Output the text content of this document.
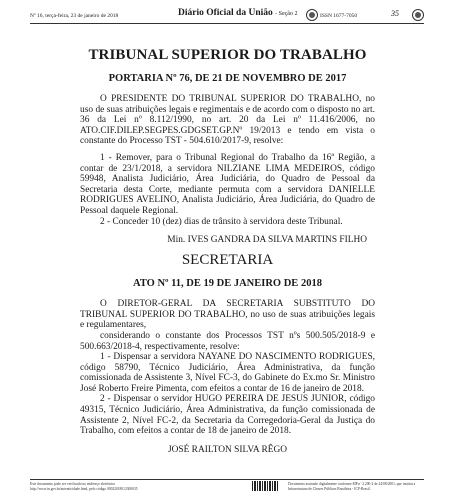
Nº 16, terça-feira, 23 de janeiro de 2018	Diário Oficial da União - Seção 2	ISSN 1677-7050	35
TRIBUNAL SUPERIOR DO TRABALHO
PORTARIA Nº 76, DE 21 DE NOVEMBRO DE 2017

O PRESIDENTE DO TRIBUNAL SUPERIOR DO TRABALHO, no uso de suas atribuições legais e regimentais e de acordo com o disposto no art. 36 da Lei nº 8.112/1990, no art. 20 da Lei nº 11.416/2006, no ATO.CIF.DILEP.SEGPES.GDGSET.GP.Nº 19/2013 e tendo em vista o constante do Processo TST - 504.610/2017-9, resolve:

1 - Remover, para o Tribunal Regional do Trabalho da 16ª Região, a contar de 23/1/2018, a servidora NILZIANE LIMA MEDEIROS, código 59948, Analista Judiciário, Área Judiciária, do Quadro de Pessoal da Secretaria desta Corte, mediante permuta com a servidora DANIELLE RODRIGUES AVELINO, Analista Judiciário, Área Judiciária, do Quadro de Pessoal daquele Regional.

2 - Conceder 10 (dez) dias de trânsito à servidora deste Tribunal.

Min. IVES GANDRA DA SILVA MARTINS FILHO
SECRETARIA
ATO Nº 11, DE 19 DE JANEIRO DE 2018

O DIRETOR-GERAL DA SECRETARIA SUBSTITUTO DO TRIBUNAL SUPERIOR DO TRABALHO, no uso de suas atribuições legais e regulamentares,

considerando o constante dos Processos TST nºs 500.505/2018-9 e 500.663/2018-4, respectivamente, resolve:

1 - Dispensar a servidora NAYANE DO NASCIMENTO RODRIGUES, código 58790, Técnico Judiciário, Área Administrativa, da função comissionada de Assistente 3, Nível FC-3, do Gabinete do Ex.mo Sr. Ministro José Roberto Freire Pimenta, com efeitos a contar de 16 de janeiro de 2018.

2 - Dispensar o servidor HUGO PEREIRA DE JESUS JUNIOR, código 49315, Técnico Judiciário, Área Administrativa, da função comissionada de Assistente 2, Nível FC-2, da Secretaria da Corregedoria-Geral da Justiça do Trabalho, com efeitos a contar de 18 de janeiro de 2018.

JOSÉ RAILTON SILVA RÊGO
Este documento pode ser verificado no endereço eletrônico http://www.in.gov.br/autenticidade.html, pelo código 00022018012300035
Documento assinado digitalmente conforme MP nº 2.200-2 de 24/08/2001, que institui a Infraestrutura de Chaves Públicas Brasileira - ICP-Brasil.
